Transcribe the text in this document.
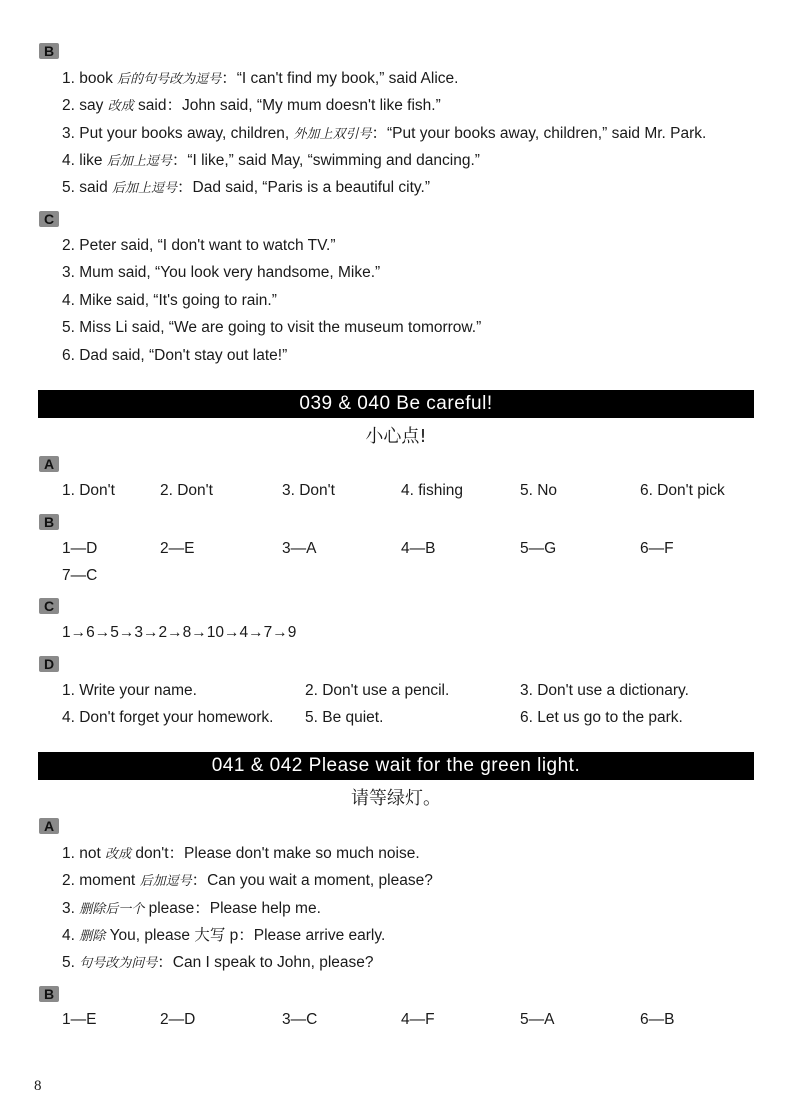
B
1. book 后的句号改为逗号：“I can't find my book,” said Alice.
2. say 改成 said：John said, “My mum doesn't like fish.”
3. Put your books away, children, 外加上双引号：“Put your books away, children,” said Mr. Park.
4. like 后加上逗号：“I like,” said May, “swimming and dancing.”
5. said 后加上逗号：Dad said, “Paris is a beautiful city.”
C
2. Peter said, “I don't want to watch TV.”
3. Mum said, “You look very handsome, Mike.”
4. Mike said, “It's going to rain.”
5. Miss Li said, “We are going to visit the museum tomorrow.”
6. Dad said, “Don't stay out late!”
039 & 040 Be careful!
小心点!
A
1. Don't	2. Don't	3. Don't	4. fishing	5. No	6. Don't pick
B
1—D	2—E	3—A	4—B	5—G	6—F
7—C
C
1→6→5→3→2→8→10→4→7→9
D
1. Write your name.	2. Don't use a pencil.	3. Don't use a dictionary.
4. Don't forget your homework. 5. Be quiet.	6. Let us go to the park.
041 & 042 Please wait for the green light.
请等绿灯。
A
1. not 改成 don't：Please don't make so much noise.
2. moment 后加逗号：Can you wait a moment, please?
3. 删除后一个 please：Please help me.
4. 删除 You, please 大写 p：Please arrive early.
5. 句号改为问号：Can I speak to John, please?
B
1—E	2—D	3—C	4—F	5—A	6—B
8
